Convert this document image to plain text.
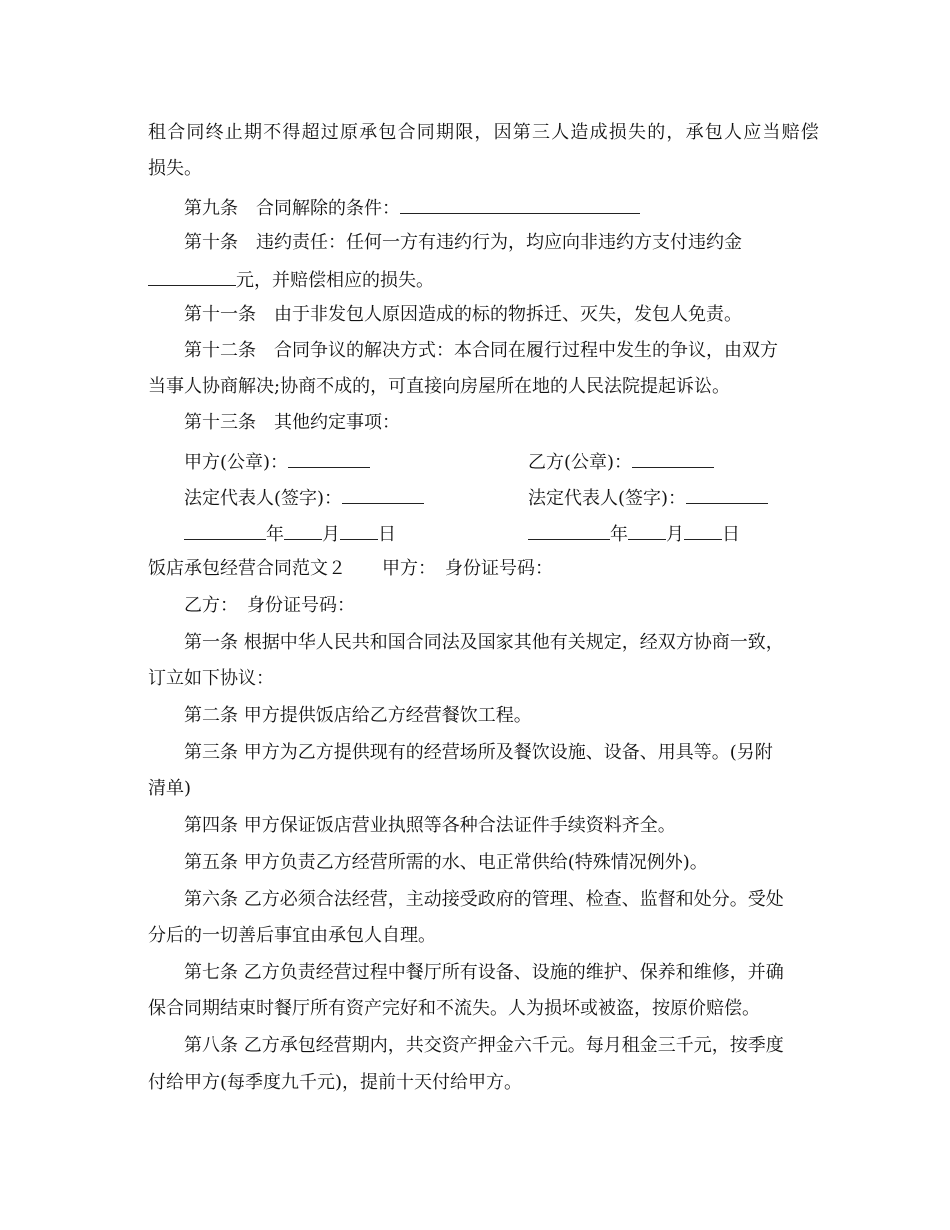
租合同终止期不得超过原承包合同期限，因第三人造成损失的，承包人应当赔偿
损失。
第九条　合同解除的条件：
第十条　违约责任：任何一方有违约行为，均应向非违约方支付违约金
元，并赔偿相应的损失。
第十一条　由于非发包人原因造成的标的物拆迁、灭失，发包人免责。
第十二条　合同争议的解决方式：本合同在履行过程中发生的争议，由双方
当事人协商解决;协商不成的，可直接向房屋所在地的人民法院提起诉讼。
第十三条　其他约定事项：
甲方(公章)：	乙方(公章)：
法定代表人(签字)：	法定代表人(签字)：
年 月 日	年 月 日
饭店承包经营合同范文２　　甲方：　身份证号码：
乙方：　身份证号码：
第一条 根据中华人民共和国合同法及国家其他有关规定，经双方协商一致，
订立如下协议：
第二条 甲方提供饭店给乙方经营餐饮工程。
第三条 甲方为乙方提供现有的经营场所及餐饮设施、设备、用具等。(另附
清单)
第四条 甲方保证饭店营业执照等各种合法证件手续资料齐全。
第五条 甲方负责乙方经营所需的水、电正常供给(特殊情况例外)。
第六条 乙方必须合法经营，主动接受政府的管理、检查、监督和处分。受处
分后的一切善后事宜由承包人自理。
第七条 乙方负责经营过程中餐厅所有设备、设施的维护、保养和维修，并确
保合同期结束时餐厅所有资产完好和不流失。人为损坏或被盗，按原价赔偿。
第八条 乙方承包经营期内，共交资产押金六千元。每月租金三千元，按季度
付给甲方(每季度九千元)，提前十天付给甲方。
